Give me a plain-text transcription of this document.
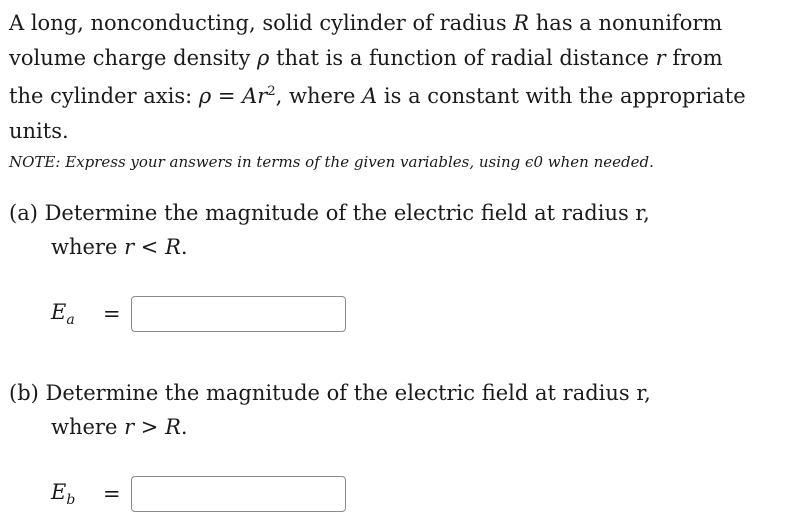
A long, nonconducting, solid cylinder of radius R has a nonuniform
volume charge density ρ that is a function of radial distance r from
the cylinder axis: $\rho = Ar^2$, where A is a constant with the appropriate
units.

NOTE: Express your answers in terms of the given variables, using ϵ0 when needed.

(a) Determine the magnitude of the electric field at radius r,
where r < R.
$E_a$	=
(b) Determine the magnitude of the electric field at radius r,
where r > R.
$E_b$	=
